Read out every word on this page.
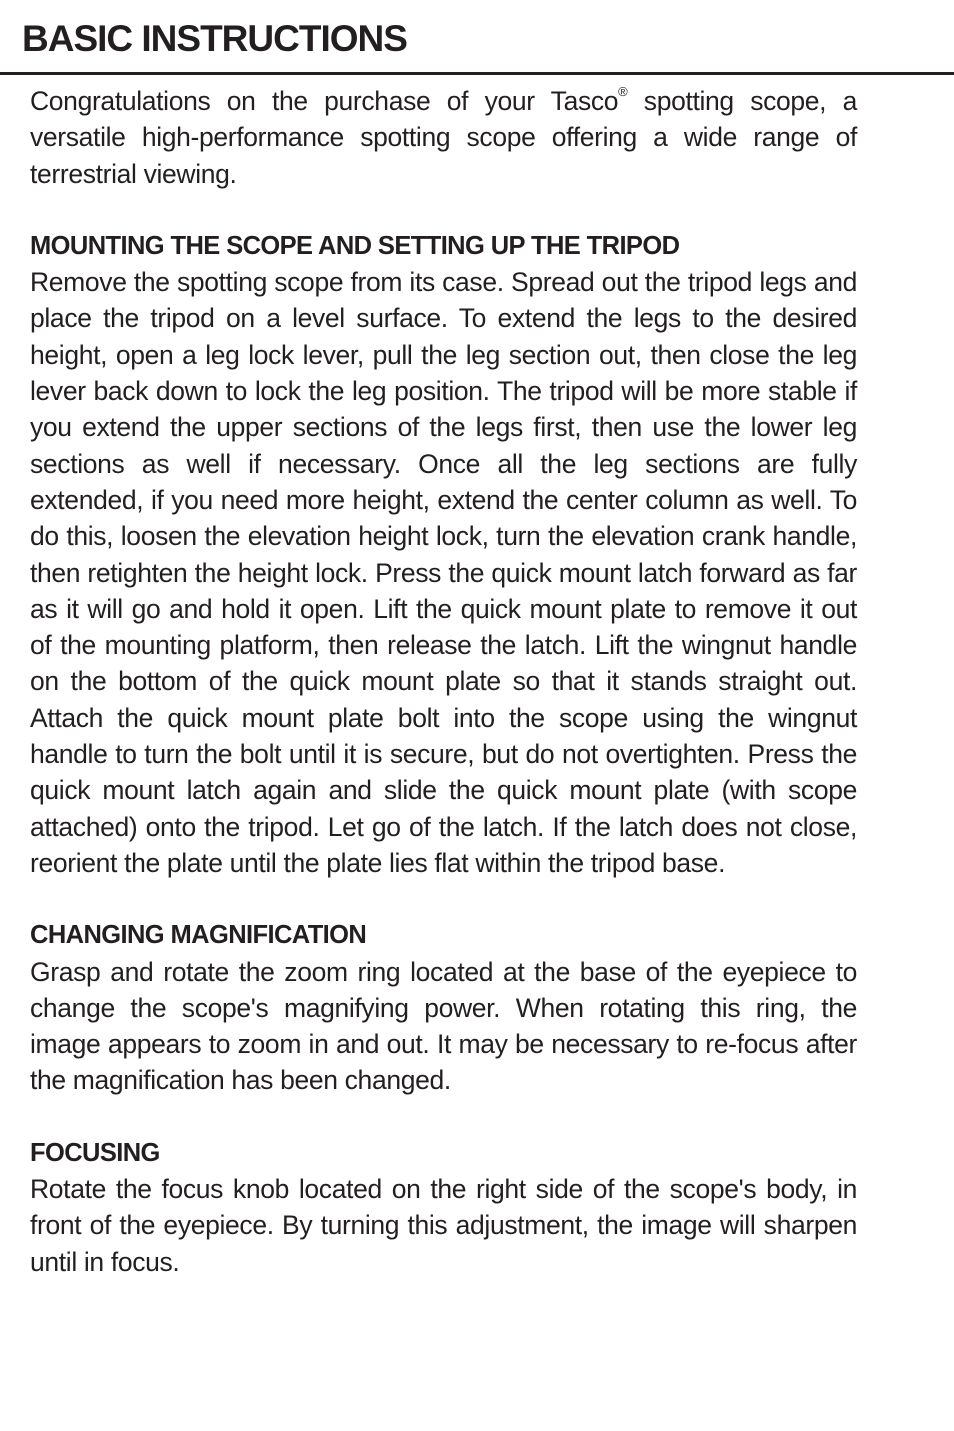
BASIC INSTRUCTIONS

Congratulations on the purchase of your Tasco® spotting scope, a versatile high-performance spotting scope offering a wide range of terrestrial viewing.

MOUNTING THE SCOPE AND SETTING UP THE TRIPOD

Remove the spotting scope from its case. Spread out the tripod legs and place the tripod on a level surface. To extend the legs to the desired height, open a leg lock lever, pull the leg section out, then close the leg lever back down to lock the leg position. The tripod will be more stable if you extend the upper sections of the legs first, then use the lower leg sections as well if necessary. Once all the leg sections are fully extended, if you need more height, extend the center column as well. To do this, loosen the elevation height lock, turn the elevation crank handle, then retighten the height lock. Press the quick mount latch forward as far as it will go and hold it open. Lift the quick mount plate to remove it out of the mounting platform, then release the latch. Lift the wingnut handle on the bottom of the quick mount plate so that it stands straight out. Attach the quick mount plate bolt into the scope using the wingnut handle to turn the bolt until it is secure, but do not overtighten. Press the quick mount latch again and slide the quick mount plate (with scope attached) onto the tripod. Let go of the latch. If the latch does not close, reorient the plate until the plate lies flat within the tripod base.

CHANGING MAGNIFICATION

Grasp and rotate the zoom ring located at the base of the eyepiece to change the scope's magnifying power. When rotating this ring, the image appears to zoom in and out. It may be necessary to re-focus after the magnification has been changed.

FOCUSING

Rotate the focus knob located on the right side of the scope's body, in front of the eyepiece. By turning this adjustment, the image will sharpen until in focus.
